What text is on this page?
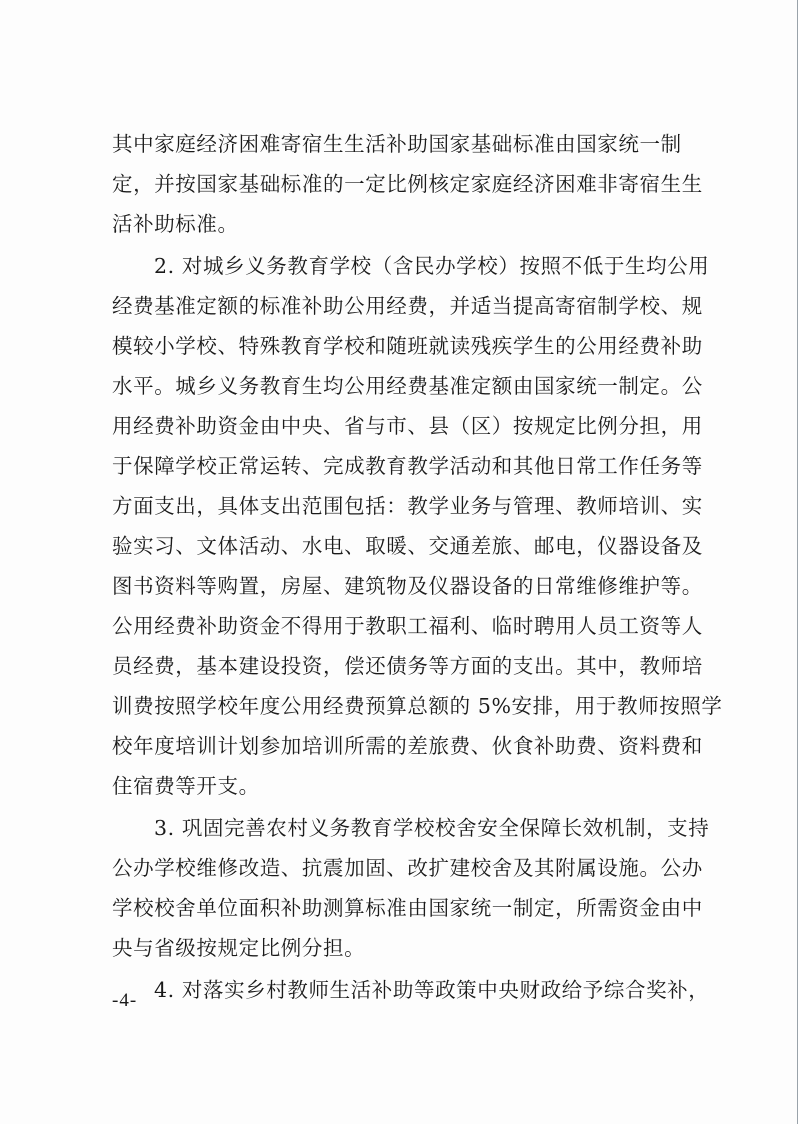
其中家庭经济困难寄宿生生活补助国家基础标准由国家统一制
定，并按国家基础标准的一定比例核定家庭经济困难非寄宿生生
活补助标准。
2. 对城乡义务教育学校（含民办学校）按照不低于生均公用
经费基准定额的标准补助公用经费，并适当提高寄宿制学校、规
模较小学校、特殊教育学校和随班就读残疾学生的公用经费补助
水平。城乡义务教育生均公用经费基准定额由国家统一制定。公
用经费补助资金由中央、省与市、县（区）按规定比例分担，用
于保障学校正常运转、完成教育教学活动和其他日常工作任务等
方面支出，具体支出范围包括：教学业务与管理、教师培训、实
验实习、文体活动、水电、取暖、交通差旅、邮电，仪器设备及
图书资料等购置，房屋、建筑物及仪器设备的日常维修维护等。
公用经费补助资金不得用于教职工福利、临时聘用人员工资等人
员经费，基本建设投资，偿还债务等方面的支出。其中，教师培
训费按照学校年度公用经费预算总额的 5%安排，用于教师按照学
校年度培训计划参加培训所需的差旅费、伙食补助费、资料费和
住宿费等开支。
3. 巩固完善农村义务教育学校校舍安全保障长效机制，支持
公办学校维修改造、抗震加固、改扩建校舍及其附属设施。公办
学校校舍单位面积补助测算标准由国家统一制定，所需资金由中
央与省级按规定比例分担。
4. 对落实乡村教师生活补助等政策中央财政给予综合奖补，
-4-
